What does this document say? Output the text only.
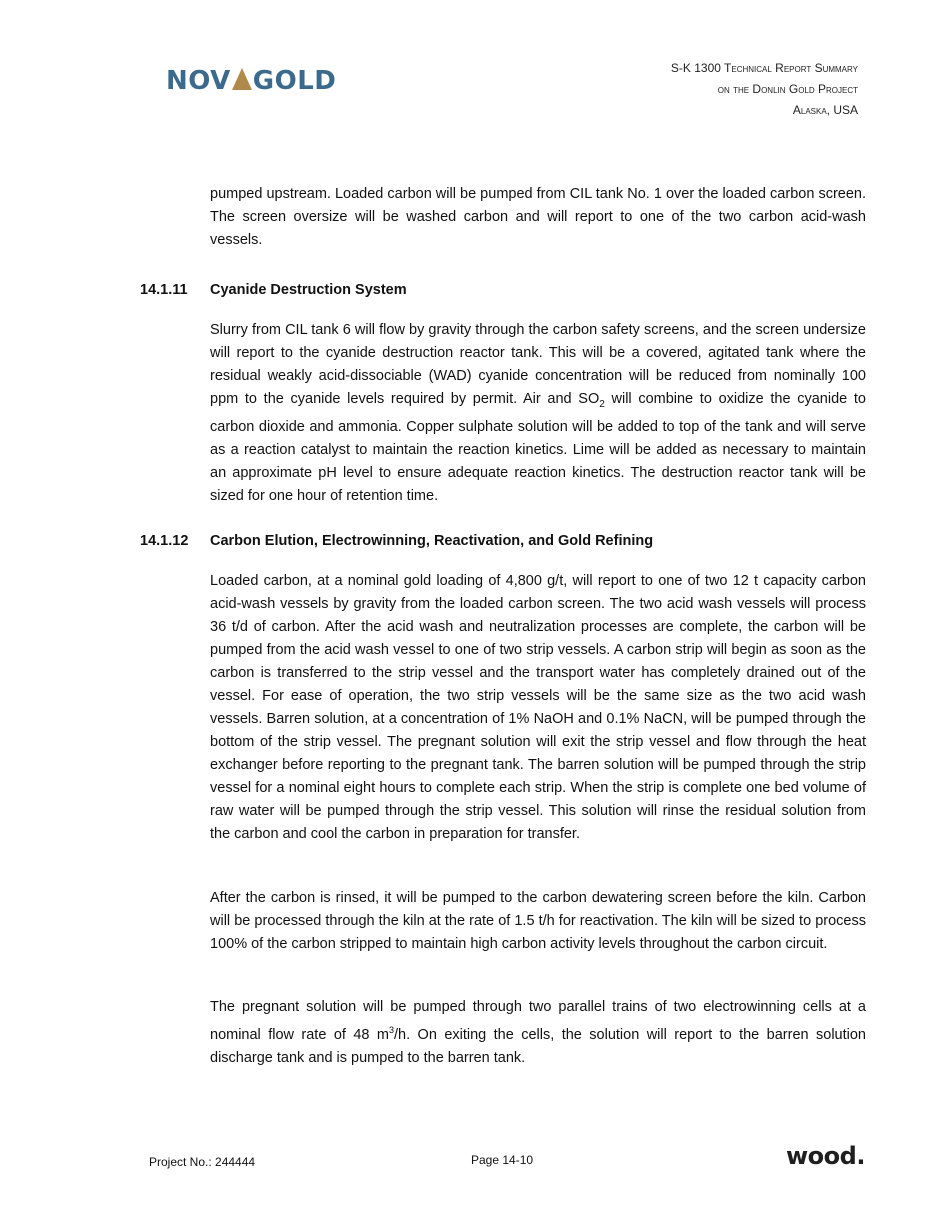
NOV GOLD	S-K 1300 Technical Report Summary
on the Donlin Gold Project
Alaska, USA
pumped upstream. Loaded carbon will be pumped from CIL tank No. 1 over the loaded carbon screen. The screen oversize will be washed carbon and will report to one of the two carbon acid-wash vessels.
14.1.11 Cyanide Destruction System
Slurry from CIL tank 6 will flow by gravity through the carbon safety screens, and the screen undersize will report to the cyanide destruction reactor tank. This will be a covered, agitated tank where the residual weakly acid-dissociable (WAD) cyanide concentration will be reduced from nominally 100 ppm to the cyanide levels required by permit. Air and $SO_2$ will combine to oxidize the cyanide to carbon dioxide and ammonia. Copper sulphate solution will be added to top of the tank and will serve as a reaction catalyst to maintain the reaction kinetics. Lime will be added as necessary to maintain an approximate pH level to ensure adequate reaction kinetics. The destruction reactor tank will be sized for one hour of retention time.
14.1.12 Carbon Elution, Electrowinning, Reactivation, and Gold Refining
Loaded carbon, at a nominal gold loading of 4,800 g/t, will report to one of two 12 t capacity carbon acid-wash vessels by gravity from the loaded carbon screen. The two acid wash vessels will process 36 t/d of carbon. After the acid wash and neutralization processes are complete, the carbon will be pumped from the acid wash vessel to one of two strip vessels. A carbon strip will begin as soon as the carbon is transferred to the strip vessel and the transport water has completely drained out of the vessel. For ease of operation, the two strip vessels will be the same size as the two acid wash vessels. Barren solution, at a concentration of 1% NaOH and 0.1% NaCN, will be pumped through the bottom of the strip vessel. The pregnant solution will exit the strip vessel and flow through the heat exchanger before reporting to the pregnant tank. The barren solution will be pumped through the strip vessel for a nominal eight hours to complete each strip. When the strip is complete one bed volume of raw water will be pumped through the strip vessel. This solution will rinse the residual solution from the carbon and cool the carbon in preparation for transfer.
After the carbon is rinsed, it will be pumped to the carbon dewatering screen before the kiln. Carbon will be processed through the kiln at the rate of 1.5 t/h for reactivation. The kiln will be sized to process 100% of the carbon stripped to maintain high carbon activity levels throughout the carbon circuit.
The pregnant solution will be pumped through two parallel trains of two electrowinning cells at a nominal flow rate of 48 $m^3/h$. On exiting the cells, the solution will report to the barren solution discharge tank and is pumped to the barren tank.
Project No.: 244444	Page 14-10	wood.
